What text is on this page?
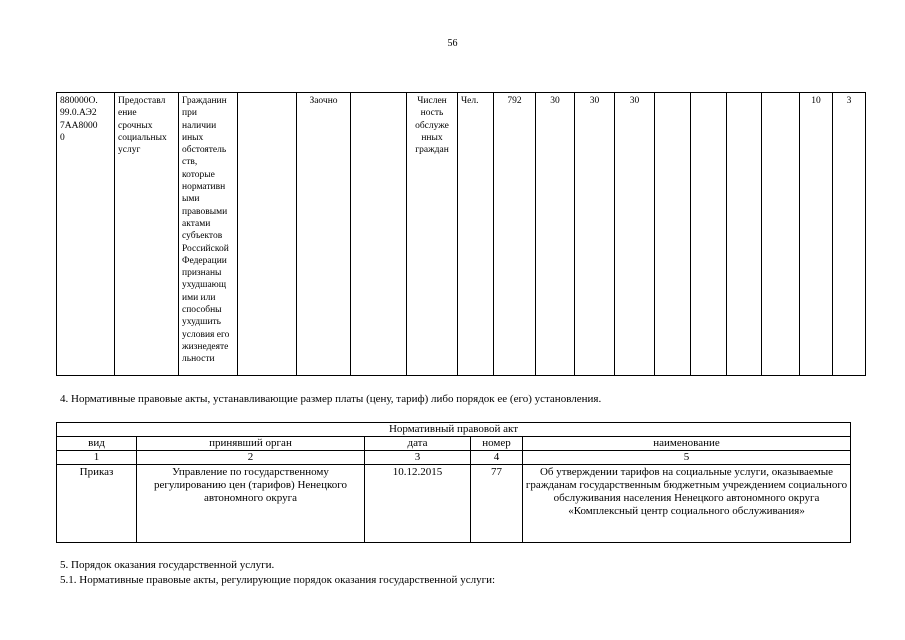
56
880000О.
99.0.АЭ2
7АА8000
0	Предоставл
ение
срочных
социальных
услуг	Гражданин
при
наличии
иных
обстоятель
ств,
которые
нормативн
ыми
правовыми
актами
субъектов
Российской
Федерации
признаны
ухудшающ
ими или
способны
ухудшить
условия его
жизнедеяте
льности		Заочно		Числен
ность
обслуже
нных
граждан	Чел.	792	30	30	30					10	3
4. Нормативные правовые акты, устанавливающие размер платы (цену, тариф) либо порядок ее (его) установления.
Нормативный правовой акт				
вид	принявший орган	дата	номер	наименование
1	2	3	4	5
Приказ	Управление по государственному регулированию цен (тарифов) Ненецкого автономного округа	10.12.2015	77	Об утверждении тарифов на социальные услуги, оказываемые гражданам государственным бюджетным учреждением социального обслуживания населения Ненецкого автономного округа «Комплексный центр социального обслуживания»
5. Порядок оказания государственной услуги.
5.1. Нормативные правовые акты, регулирующие порядок оказания государственной услуги:
